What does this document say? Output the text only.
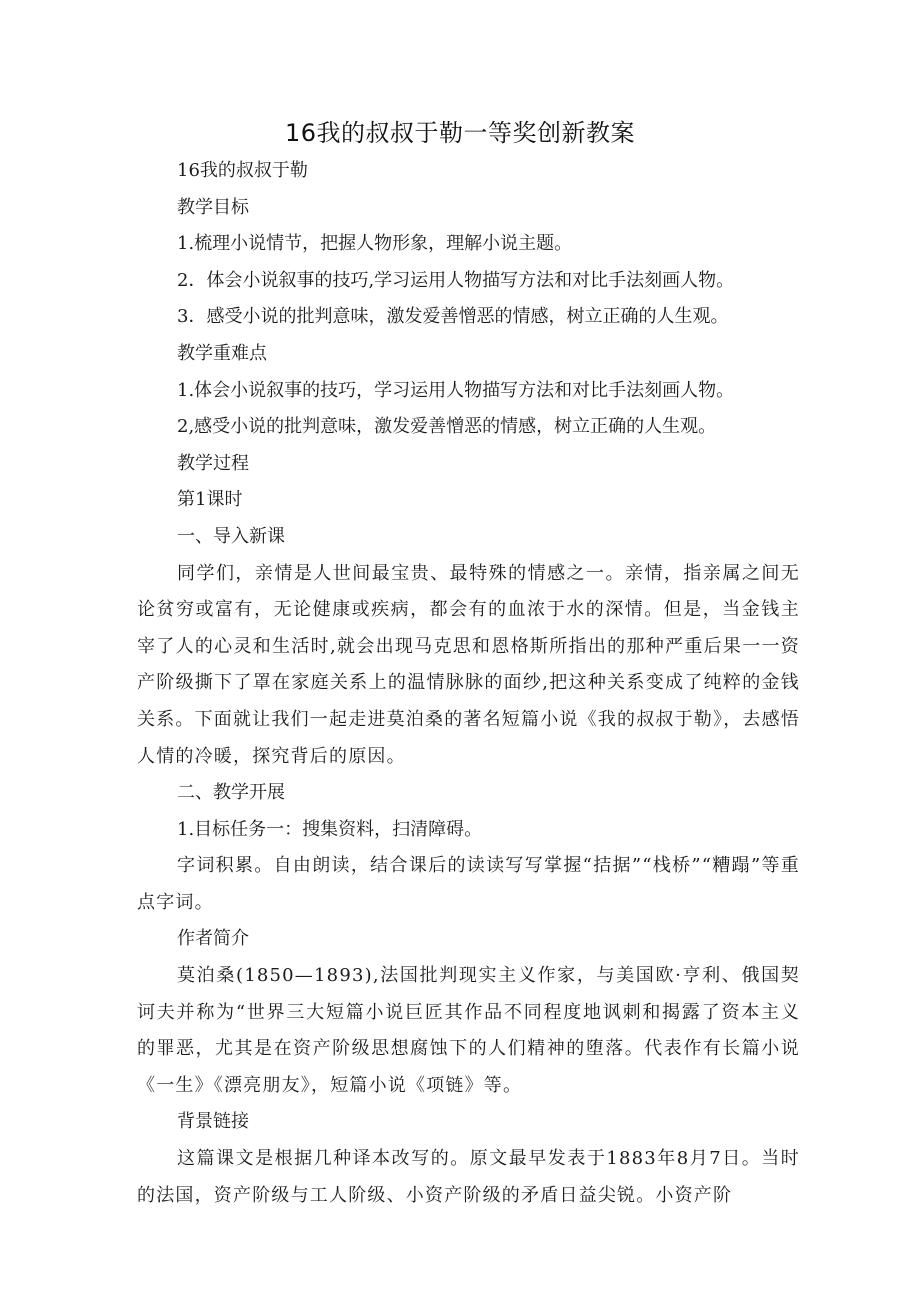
16我的叔叔于勒一等奖创新教案

16我的叔叔于勒

教学目标

1.梳理小说情节，把握人物形象，理解小说主题。

2．体会小说叙事的技巧,学习运用人物描写方法和对比手法刻画人物。

3．感受小说的批判意味，激发爱善憎恶的情感，树立正确的人生观。

教学重难点

1.体会小说叙事的技巧，学习运用人物描写方法和对比手法刻画人物。

2,感受小说的批判意味，激发爱善憎恶的情感，树立正确的人生观。

教学过程

第1课时

一、导入新课

同学们，亲情是人世间最宝贵、最特殊的情感之一。亲情，指亲属之间无论贫穷或富有，无论健康或疾病，都会有的血浓于水的深情。但是，当金钱主宰了人的心灵和生活时,就会出现马克思和恩格斯所指出的那种严重后果一一资产阶级撕下了罩在家庭关系上的温情脉脉的面纱,把这种关系变成了纯粹的金钱关系。下面就让我们一起走进莫泊桑的著名短篇小说《我的叔叔于勒》，去感悟人情的冷暖，探究背后的原因。

二、教学开展

1.目标任务一：搜集资料，扫清障碍。

字词积累。自由朗读，结合课后的读读写写掌握“拮据”“栈桥”“糟蹋”等重点字词。

作者简介

莫泊桑(1850—1893),法国批判现实主义作家，与美国欧·亨利、俄国契诃夫并称为“世界三大短篇小说巨匠其作品不同程度地讽刺和揭露了资本主义的罪恶，尤其是在资产阶级思想腐蚀下的人们精神的堕落。代表作有长篇小说《一生》《漂亮朋友》，短篇小说《项链》等。

背景链接

这篇课文是根据几种译本改写的。原文最早发表于1883年8月7日。当时的法国，资产阶级与工人阶级、小资产阶级的矛盾日益尖锐。小资产阶
